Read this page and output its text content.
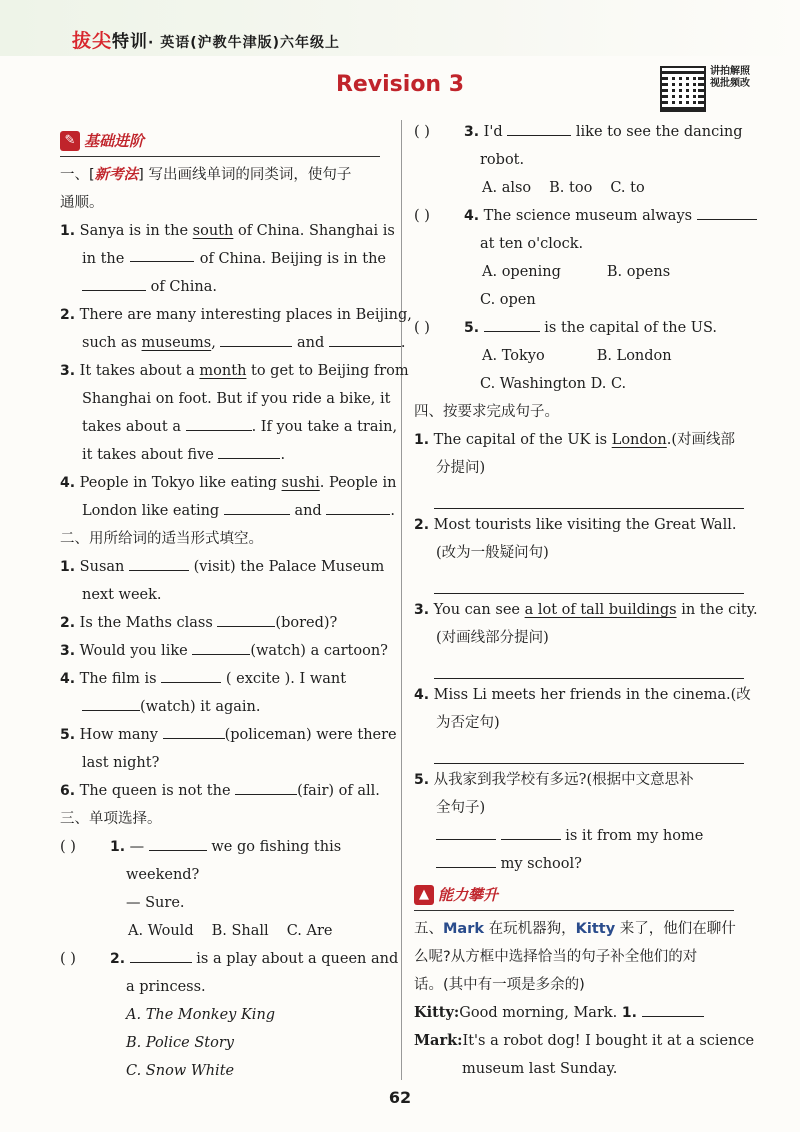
拔尖特训· 英语(沪教牛津版)六年级上
Revision 3
讲拍解照视批频改
✎ 基础进阶
一、[新考法] 写出画线单词的同类词，使句子
通顺。
1. Sanya is in the south of China. Shanghai is
in the	of China. Beijing is in the
of China.
2. There are many interesting places in Beijing,
such as museums,	and	.
3. It takes about a month to get to Beijing from
Shanghai on foot. But if you ride a bike, it
takes about a	. If you take a train,
it takes about five	.
4. People in Tokyo like eating sushi. People in
London like eating	and	.
二、用所给词的适当形式填空。
1. Susan	(visit) the Palace Museum
next week.
2. Is the Maths class	(bored)?
3. Would you like	(watch) a cartoon?
4. The film is	( excite ). I want
(watch) it again.
5. How many	(policeman) were there
last night?
6. The queen is not the	(fair) of all.
三、单项选择。
( ) 1. —	we go fishing this
weekend?
— Sure.
A. Would B. Shall C. Are
( ) 2.	is a play about a queen and
a princess.
A. The Monkey King
B. Police Story
C. Snow White
( ) 3. I'd	like to see the dancing
robot.
A. also B. too C. to
( ) 4. The science museum always
at ten o'clock.
A. opening	B. opens
C. open
( ) 5.	is the capital of the US.
A. Tokyo	B. London
C. Washington D. C.
四、按要求完成句子。
1. The capital of the UK is London.(对画线部
分提问)
2. Most tourists like visiting the Great Wall.
(改为一般疑问句)
3. You can see a lot of tall buildings in the city.
(对画线部分提问)
4. Miss Li meets her friends in the cinema.(改
为否定句)
5. 从我家到我学校有多远?(根据中文意思补
全句子)
is it from my home
my school?
▲ 能力攀升
五、Mark 在玩机器狗，Kitty 来了，他们在聊什
么呢?从方框中选择恰当的句子补全他们的对
话。(其中有一项是多余的)
Kitty:Good morning, Mark. 1.
Mark:It's a robot dog! I bought it at a science
museum last Sunday.
62
